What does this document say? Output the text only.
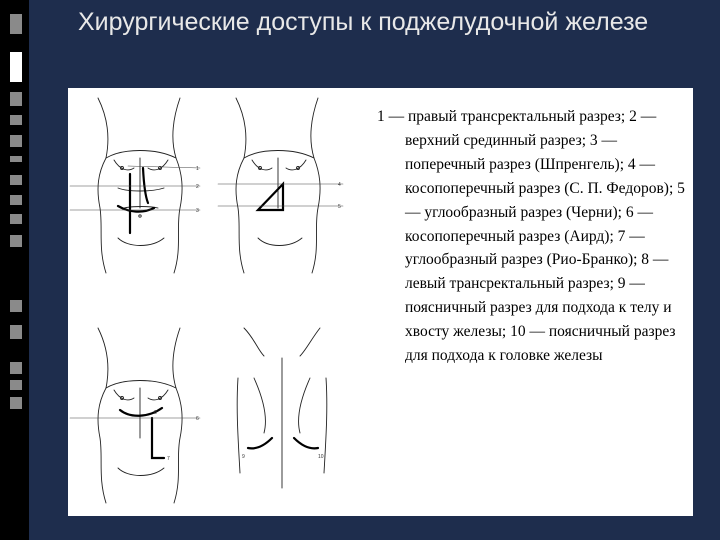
Хирургические доступы к поджелудочной железе
1
2
3
4
5
6
7
8
9	10

1 — правый трансректальный разрез; 2 — верхний срединный разрез; 3 — поперечный разрез (Шпренгель); 4 — косопоперечный разрез (С. П. Федоров); 5 — углообразный разрез (Черни); 6 — косопоперечный разрез (Аирд); 7 — углообразный разрез (Рио-Бранко); 8 — левый трансректальный разрез; 9 — поясничный разрез для подхода к телу и хвосту железы; 10 — поясничный разрез для подхода к головке железы
